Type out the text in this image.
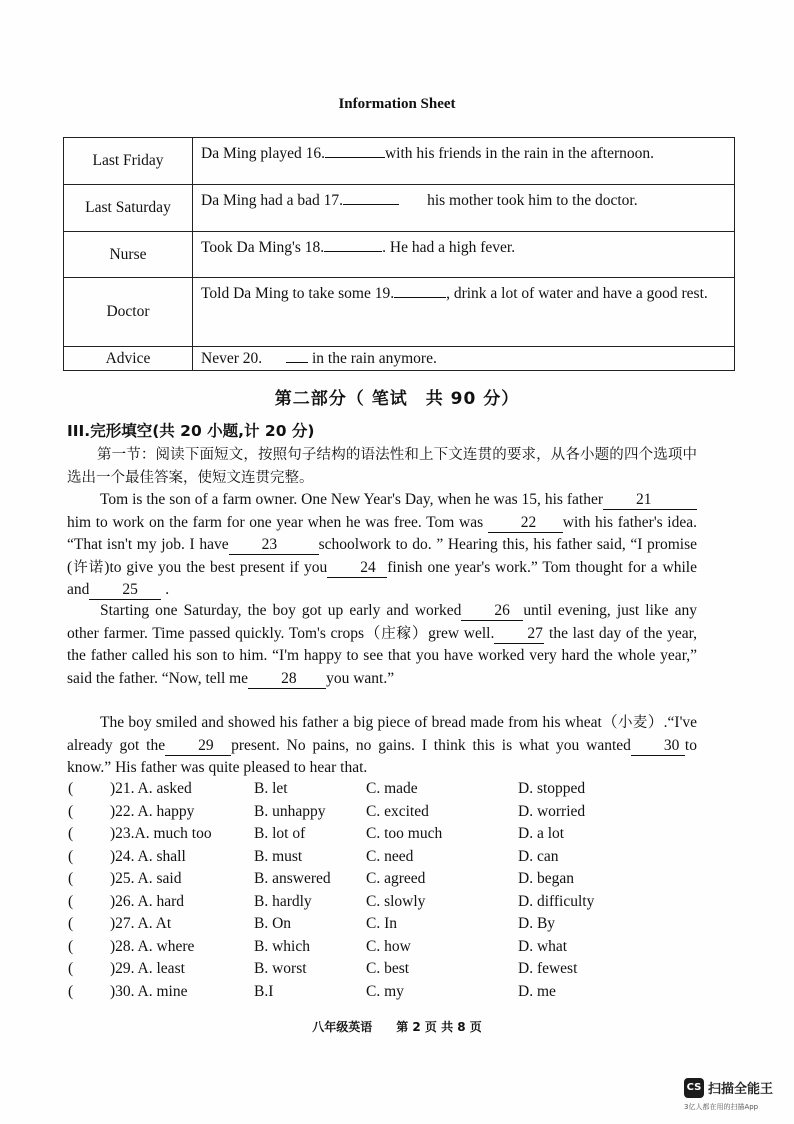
Information Sheet
Last Friday	Da Ming played 16. with his friends in the rain in the afternoon.
Last Saturday	Da Ming had a bad 17. his mother took him to the doctor.
Nurse	Took Da Ming's 18. . He had a high fever.
Doctor	Told Da Ming to take some 19. , drink a lot of water and have a good rest.
Advice	Never 20. in the rain anymore.
第二部分（ 笔试　共 90 分）
III.完形填空(共 20 小题,计 20 分)
第一节：阅读下面短文，按照句子结构的语法性和上下文连贯的要求，从各小题的四个选项中选出一个最佳答案，使短文连贯完整。
Tom is the son of a farm owner. One New Year's Day, when he was 15, his father 21him to work on the farm for one year when he was free. Tom was 22 with his father's idea. “That isn't my job. I have 23	schoolwork to do. ” Hearing this, his father said, “I promise (许诺)to give you the best present if you 24 finish one year's work.” Tom thought for a while and 25 .
Starting one Saturday, the boy got up early and worked 26 until evening, just like any other farmer. Time passed quickly. Tom's crops（庄稼）grew well. 27 the last day of the year, the father called his son to him. “I'm happy to see that you have worked very hard the whole year,” said the father. “Now, tell me 28 you want.”
The boy smiled and showed his father a big piece of bread made from his wheat（小麦）.“I've already got the 29 present. No pains, no gains. I think this is what you wanted 30 to know.” His father was quite pleased to hear that.
( )21. A. asked	B. let	C. made	D. stopped
( )22. A. happy	B. unhappy	C. excited	D. worried
( )23.A. much too	B. lot of	C. too much	D. a lot
( )24. A. shall	B. must	C. need	D. can
( )25. A. said	B. answered C. agreed	D. began
( )26. A. hard	B. hardly	C. slowly	D. difficulty
( )27. A. At	B. On	C. In	D. By
( )28. A. where	B. which	C. how	D. what
( )29. A. least	B. worst	C. best	D. fewest
( )30. A. mine	B.I	C. my	D. me
八年级英语　　第 2 页 共 8 页
CS 扫描全能王
3亿人都在用的扫描App
